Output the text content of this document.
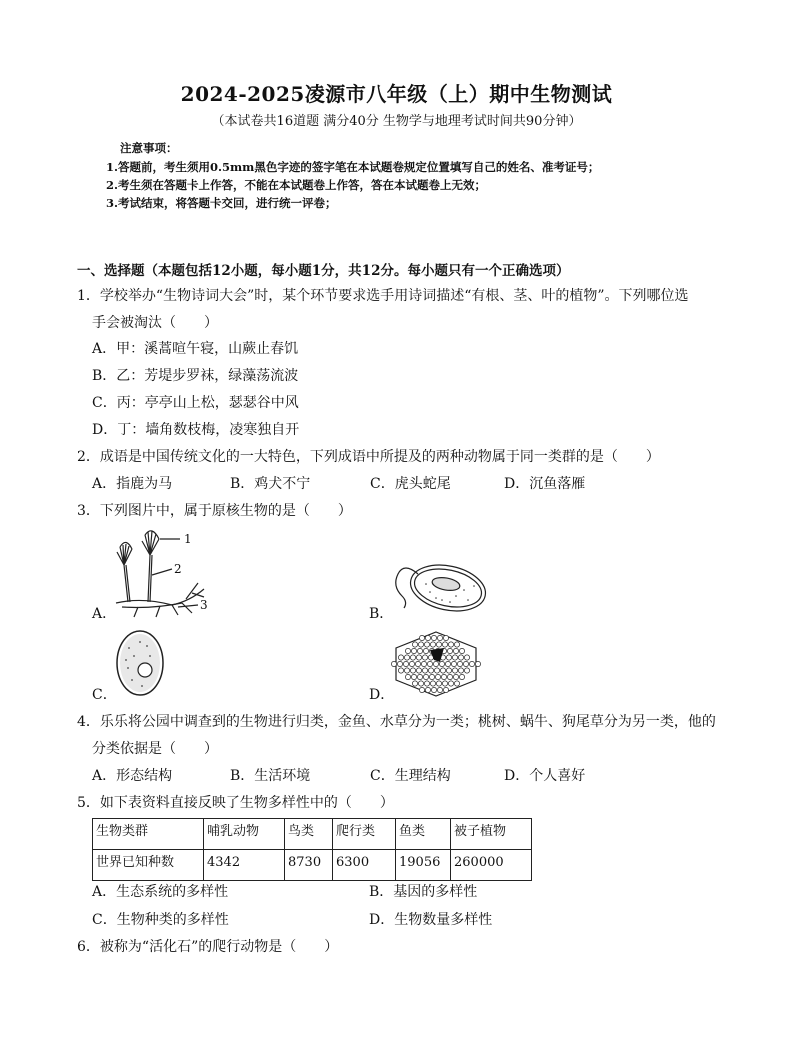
2024-2025凌源市八年级（上）期中生物测试
（本试卷共16道题 满分40分 生物学与地理考试时间共90分钟）
注意事项：
1.答题前，考生须用0.5mm黑色字迹的签字笔在本试题卷规定位置填写自己的姓名、准考证号；
2.考生须在答题卡上作答，不能在本试题卷上作答，答在本试题卷上无效；
3.考试结束，将答题卡交回，进行统一评卷；
一、选择题（本题包括12小题，每小题1分，共12分。每小题只有一个正确选项）
1．学校举办“生物诗词大会”时，某个环节要求选手用诗词描述“有根、茎、叶的植物”。下列哪位选
手会被淘汰（　　）
A．甲：溪蒿喧午寝，山蕨止春饥
B．乙：芳堤步罗袜，绿藻荡流波
C．丙：亭亭山上松，瑟瑟谷中风
D．丁：墙角数枝梅，凌寒独自开
2．成语是中国传统文化的一大特色，下列成语中所提及的两种动物属于同一类群的是（　　）
A．指鹿为马	B．鸡犬不宁	C．虎头蛇尾	D．沉鱼落雁
3．下列图片中，属于原核生物的是（　　）
A．
1
2
3
B．
C．	D．
4．乐乐将公园中调查到的生物进行归类，金鱼、水草分为一类；桃树、蜗牛、狗尾草分为另一类，他的
分类依据是（　　）
A．形态结构	B．生活环境	C．生理结构	D．个人喜好
5．如下表资料直接反映了生物多样性中的（　　）
生物类群	哺乳动物	鸟类	爬行类	鱼类	被子植物
世界已知种数	4342	8730	6300	19056	260000
A．生态系统的多样性	B．基因的多样性
C．生物种类的多样性	D．生物数量多样性
6．被称为“活化石”的爬行动物是（　　）
